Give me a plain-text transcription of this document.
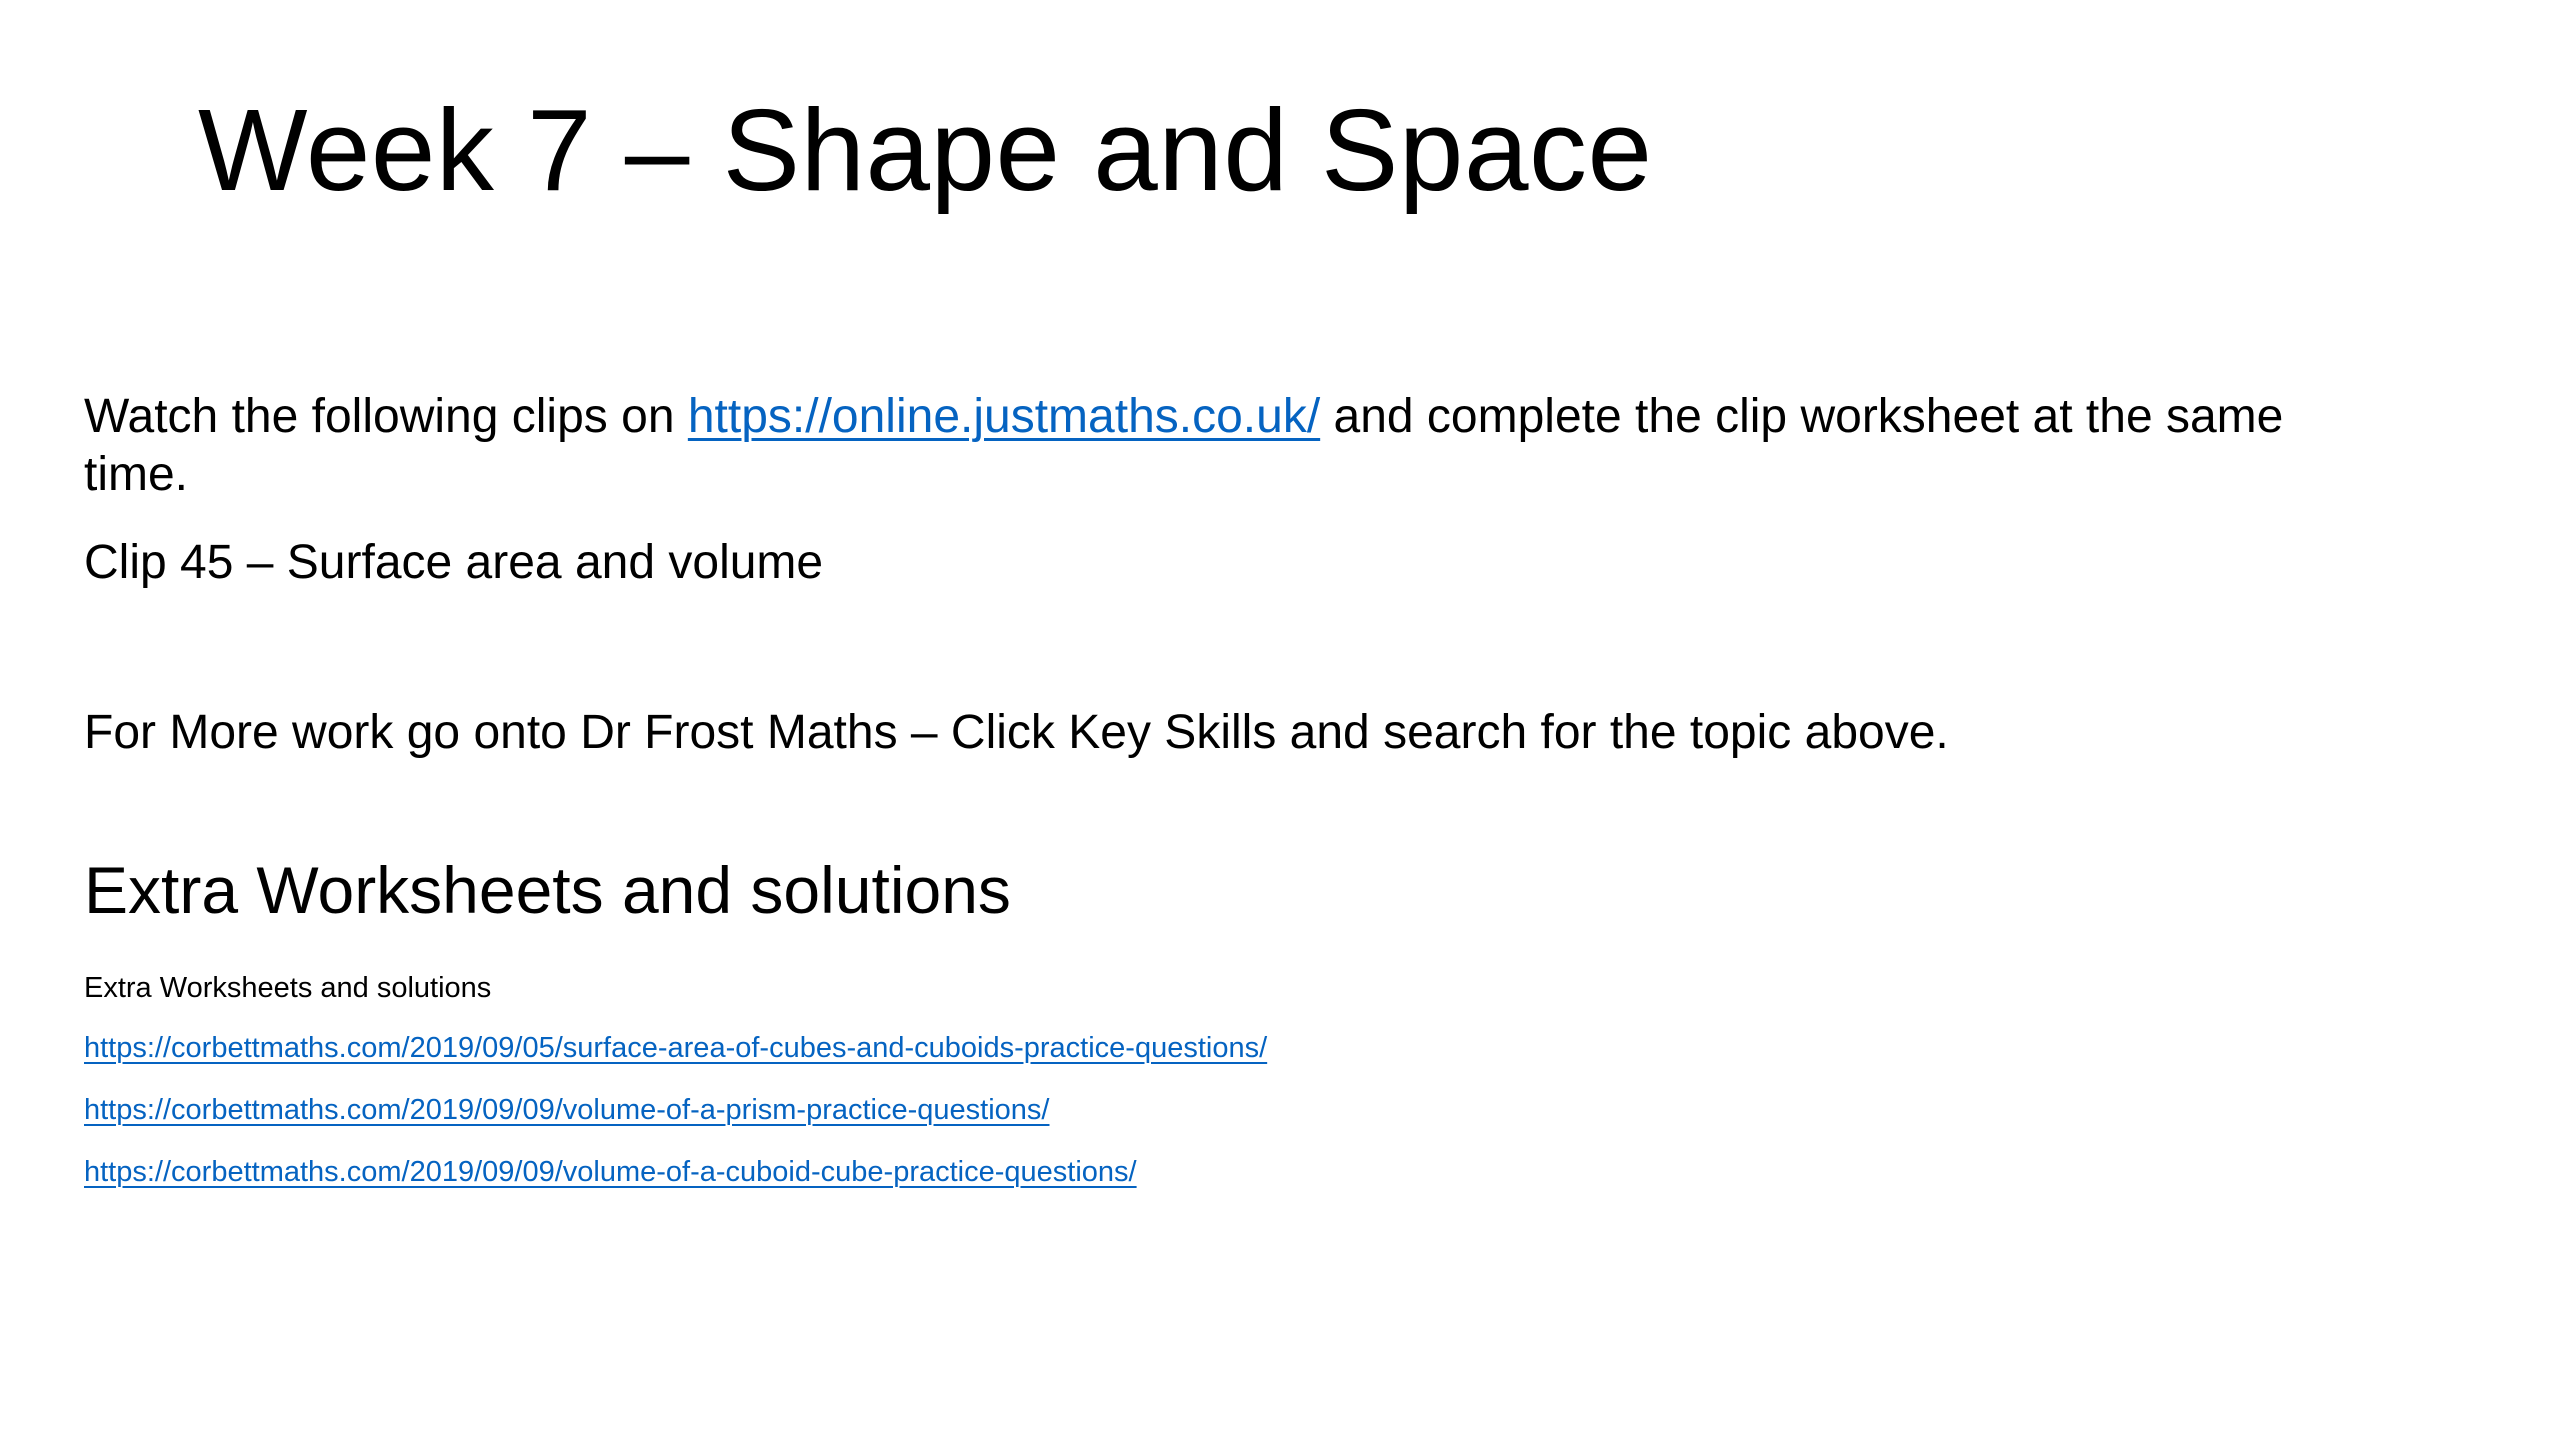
Week 7 – Shape and Space
Watch the following clips on https://online.justmaths.co.uk/ and complete the clip worksheet at the same time.
Clip 45 – Surface area and volume
For More work go onto Dr Frost Maths – Click Key Skills and search for the topic above.
Extra Worksheets and solutions
Extra Worksheets and solutions
https://corbettmaths.com/2019/09/05/surface-area-of-cubes-and-cuboids-practice-questions/
https://corbettmaths.com/2019/09/09/volume-of-a-prism-practice-questions/
https://corbettmaths.com/2019/09/09/volume-of-a-cuboid-cube-practice-questions/
